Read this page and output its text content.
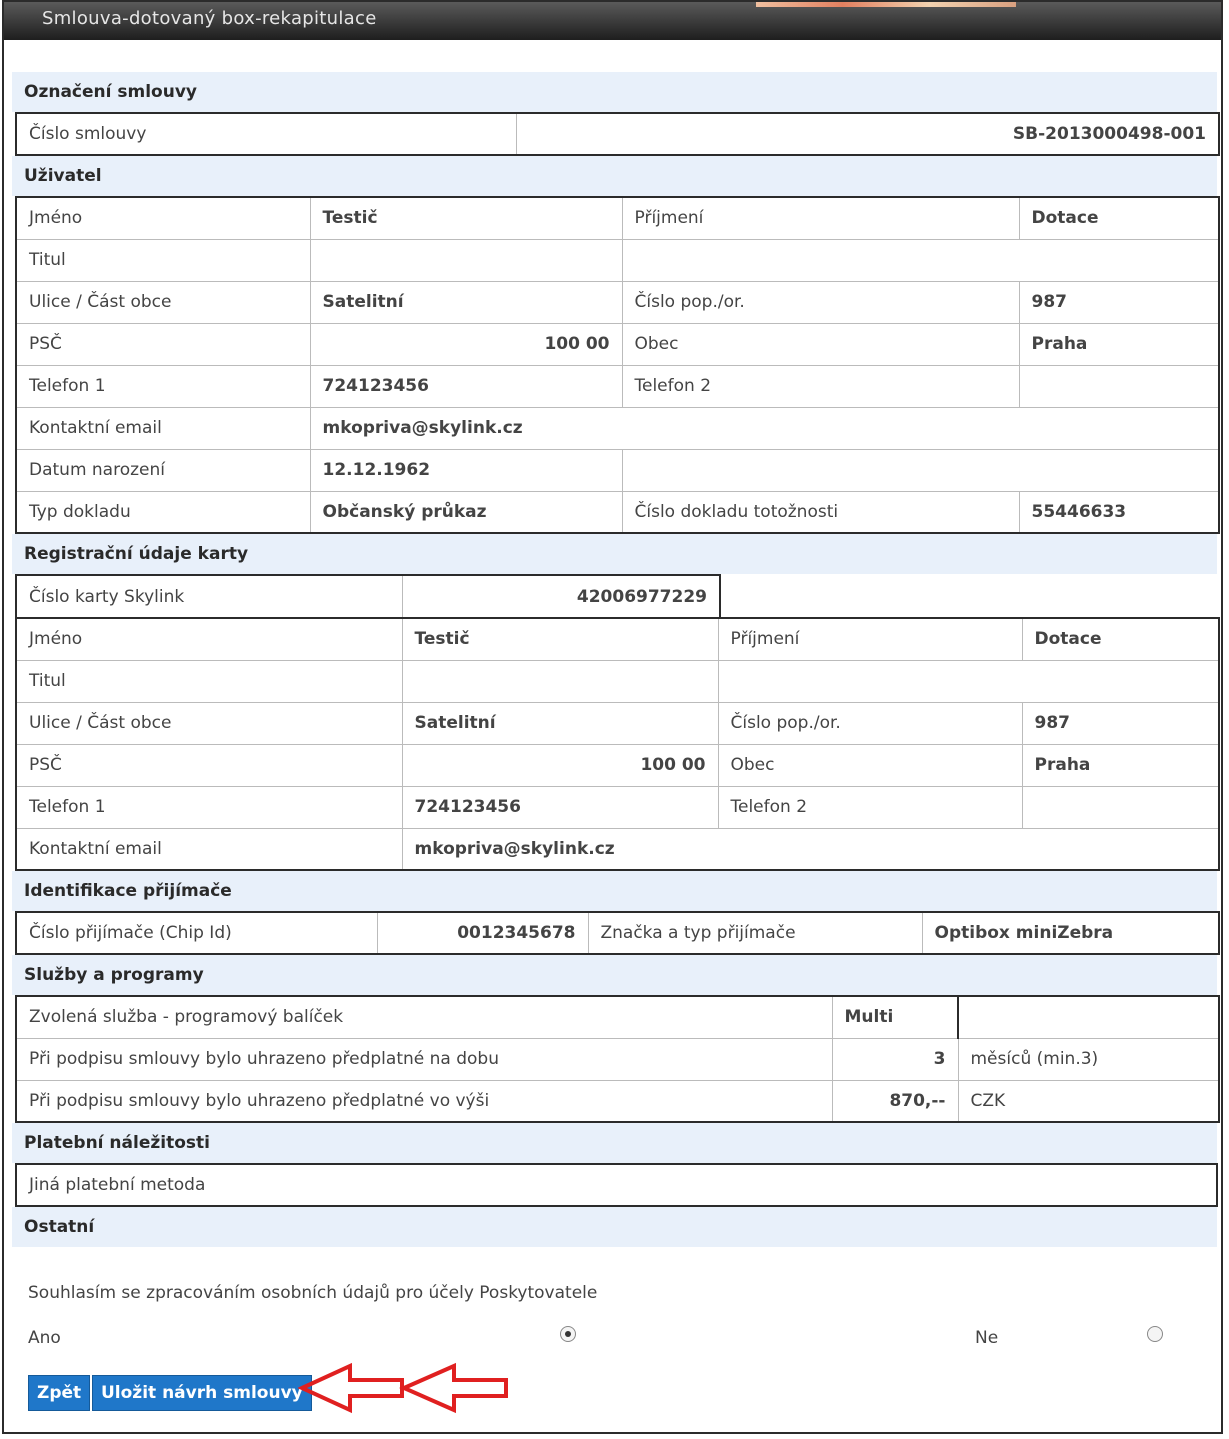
Smlouva-dotovaný box-rekapitulace
Označení smlouvy
Číslo smlouvy	SB-2013000498-001
Uživatel
Jméno	Testič	Příjmení	Dotace
Titul			
Ulice / Část obce	Satelitní	Číslo pop./or.	987
PSČ	100 00	Obec	Praha
Telefon 1	724123456	Telefon 2	
Kontaktní email	mkopriva@skylink.cz		
Datum narození	12.12.1962		
Typ dokladu	Občanský průkaz	Číslo dokladu totožnosti	55446633
Registrační údaje karty
Číslo karty Skylink	42006977229
Jméno	Testič	Příjmení	Dotace
Titul			
Ulice / Část obce	Satelitní	Číslo pop./or.	987
PSČ	100 00	Obec	Praha
Telefon 1	724123456	Telefon 2	
Kontaktní email	mkopriva@skylink.cz		
Identifikace přijímače
Číslo přijímače (Chip Id)	0012345678	Značka a typ přijímače	Optibox miniZebra
Služby a programy
Zvolená služba - programový balíček	Multi	
Při podpisu smlouvy bylo uhrazeno předplatné na dobu	3	měsíců (min.3)
Při podpisu smlouvy bylo uhrazeno předplatné vo výši	870,--	CZK
Platební náležitosti
Jiná platební metoda
Ostatní
Souhlasím se zpracováním osobních údajů pro účely Poskytovatele
Ano	Ne
Zpět	Uložit návrh smlouvy
